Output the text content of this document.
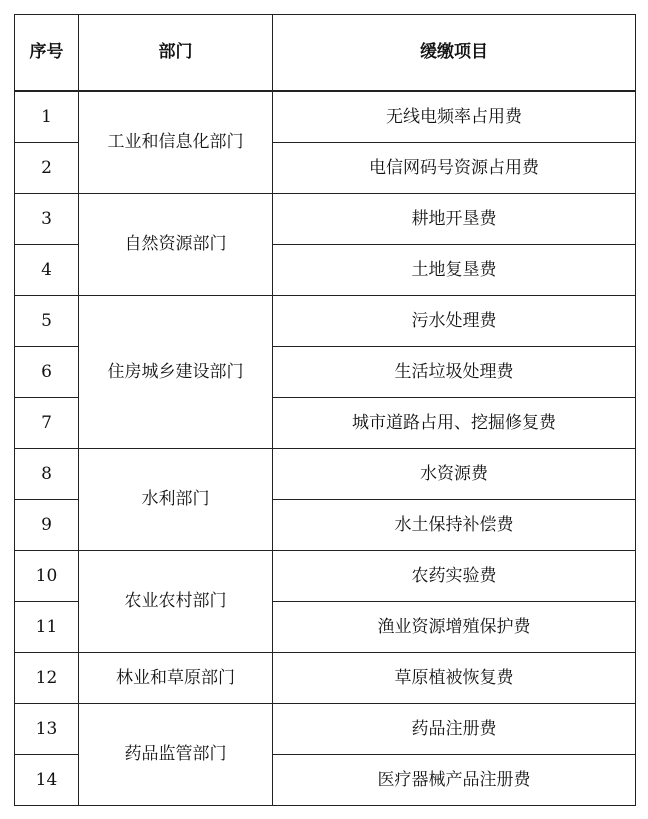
序号	部门	缓缴项目
1	工业和信息化部门	无线电频率占用费
2		电信网码号资源占用费
3	自然资源部门	耕地开垦费
4		土地复垦费
5	住房城乡建设部门	污水处理费
6		生活垃圾处理费
7		城市道路占用、挖掘修复费
8	水利部门	水资源费
9		水土保持补偿费
10	农业农村部门	农药实验费
11		渔业资源增殖保护费
12	林业和草原部门	草原植被恢复费
13	药品监管部门	药品注册费
14		医疗器械产品注册费
